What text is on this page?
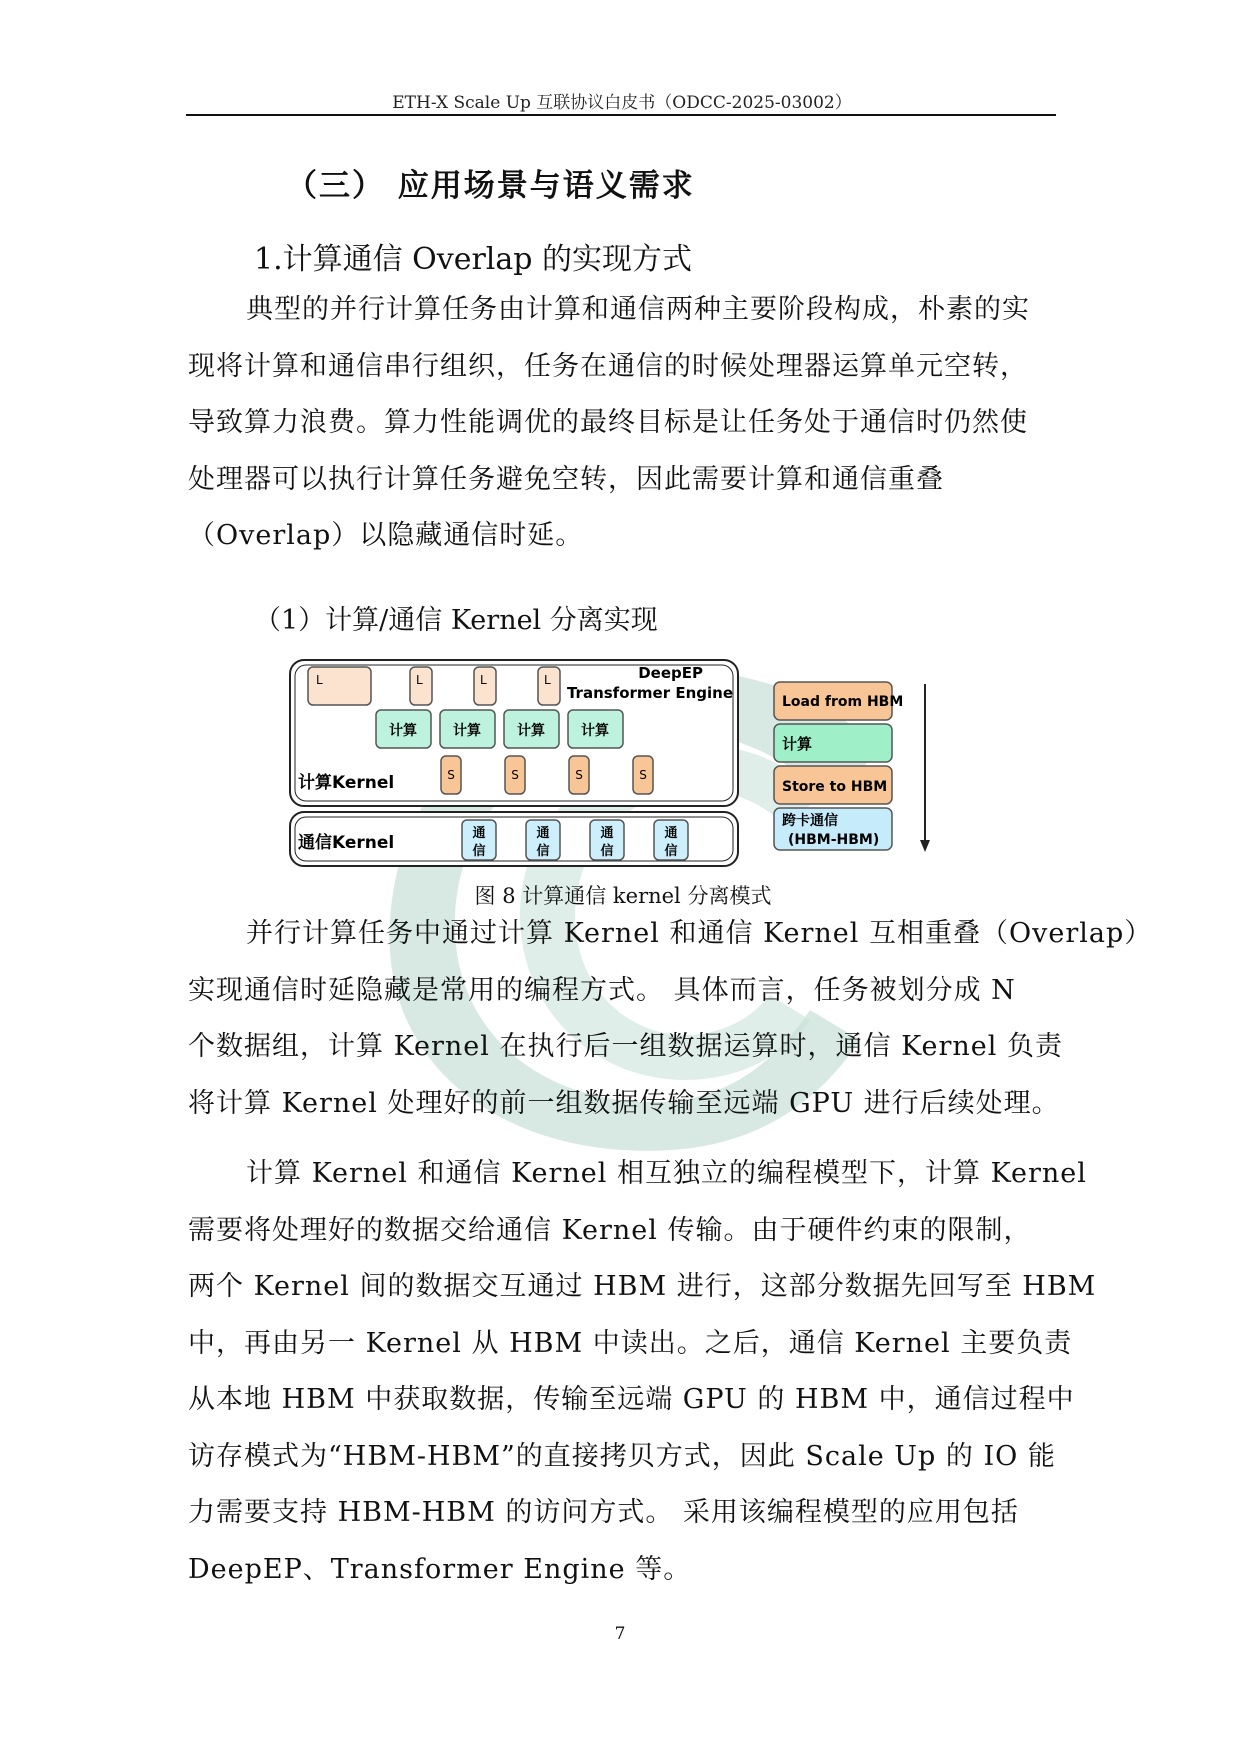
ETH-X Scale Up 互联协议白皮书（ODCC-2025-03002）
（三） 应用场景与语义需求
1.计算通信 Overlap 的实现方式
典型的并行计算任务由计算和通信两种主要阶段构成，朴素的实
现将计算和通信串行组织，任务在通信的时候处理器运算单元空转，
导致算力浪费。算力性能调优的最终目标是让任务处于通信时仍然使
处理器可以执行计算任务避免空转，因此需要计算和通信重叠
（Overlap）以隐藏通信时延。
（1）计算/通信 Kernel 分离实现
L	L	L	L	DeepEP
Transformer Engine
计算	计算	计算	计算
S	S	S	S
计算Kernel
通
信
通
信
通
信
通
信
通信Kernel
Load from HBM
计算
Store to HBM
跨卡通信
(HBM-HBM)
图 8 计算通信 kernel 分离模式
并行计算任务中通过计算 Kernel 和通信 Kernel 互相重叠（Overlap）
实现通信时延隐藏是常用的编程方式。 具体而言，任务被划分成 N
个数据组，计算 Kernel 在执行后一组数据运算时，通信 Kernel 负责
将计算 Kernel 处理好的前一组数据传输至远端 GPU 进行后续处理。
计算 Kernel 和通信 Kernel 相互独立的编程模型下，计算 Kernel
需要将处理好的数据交给通信 Kernel 传输。由于硬件约束的限制，
两个 Kernel 间的数据交互通过 HBM 进行，这部分数据先回写至 HBM
中，再由另一 Kernel 从 HBM 中读出。之后，通信 Kernel 主要负责
从本地 HBM 中获取数据，传输至远端 GPU 的 HBM 中，通信过程中
访存模式为“HBM-HBM”的直接拷贝方式，因此 Scale Up 的 IO 能
力需要支持 HBM-HBM 的访问方式。 采用该编程模型的应用包括
DeepEP、Transformer Engine 等。
7
